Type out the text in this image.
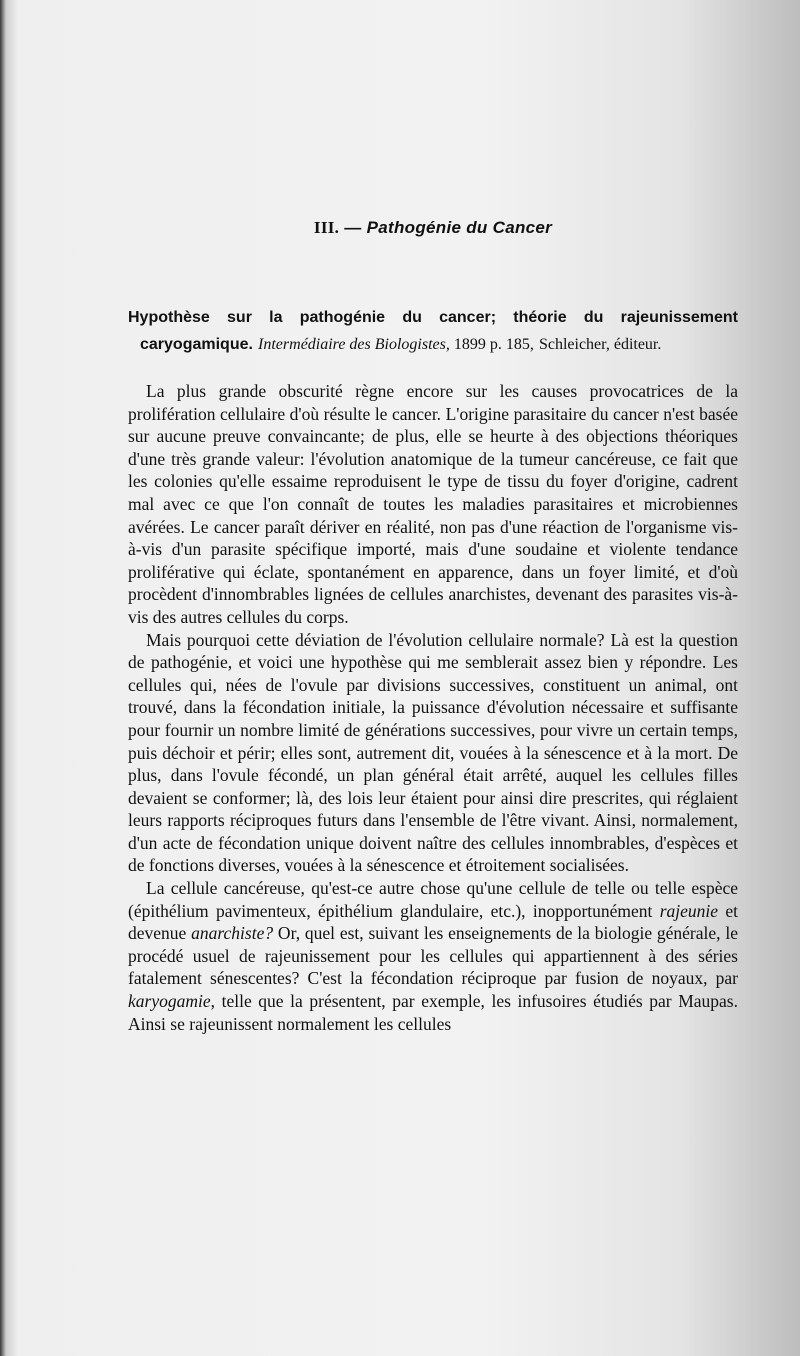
III. — Pathogénie du Cancer
Hypothèse sur la pathogénie du cancer; théorie du rajeunissement caryogamique. Intermédiaire des Biologistes, 1899 p. 185, Schleicher, éditeur.

La plus grande obscurité règne encore sur les causes provocatrices de la prolifération cellulaire d'où résulte le cancer. L'origine parasitaire du cancer n'est basée sur aucune preuve convaincante; de plus, elle se heurte à des objections théoriques d'une très grande valeur: l'évolution anatomique de la tumeur cancéreuse, ce fait que les colonies qu'elle essaime reproduisent le type de tissu du foyer d'origine, cadrent mal avec ce que l'on connaît de toutes les maladies parasitaires et microbiennes avérées. Le cancer paraît dériver en réalité, non pas d'une réaction de l'organisme vis-à-vis d'un parasite spécifique importé, mais d'une soudaine et violente tendance proliférative qui éclate, spontanément en apparence, dans un foyer limité, et d'où procèdent d'innombrables lignées de cellules anarchistes, devenant des parasites vis-à-vis des autres cellules du corps.

Mais pourquoi cette déviation de l'évolution cellulaire normale? Là est la question de pathogénie, et voici une hypothèse qui me semblerait assez bien y répondre. Les cellules qui, nées de l'ovule par divisions successives, constituent un animal, ont trouvé, dans la fécondation initiale, la puissance d'évolution nécessaire et suffisante pour fournir un nombre limité de générations successives, pour vivre un certain temps, puis déchoir et périr; elles sont, autrement dit, vouées à la sénescence et à la mort. De plus, dans l'ovule fécondé, un plan général était arrêté, auquel les cellules filles devaient se conformer; là, des lois leur étaient pour ainsi dire prescrites, qui réglaient leurs rapports réciproques futurs dans l'ensemble de l'être vivant. Ainsi, normalement, d'un acte de fécondation unique doivent naître des cellules innombrables, d'espèces et de fonctions diverses, vouées à la sénescence et étroitement socialisées.

La cellule cancéreuse, qu'est-ce autre chose qu'une cellule de telle ou telle espèce (épithélium pavimenteux, épithélium glandulaire, etc.), inopportunément rajeunie et devenue anarchiste? Or, quel est, suivant les enseignements de la biologie générale, le procédé usuel de rajeunissement pour les cellules qui appartiennent à des séries fatalement sénescentes? C'est la fécondation réciproque par fusion de noyaux, par karyogamie, telle que la présentent, par exemple, les infusoires étudiés par Maupas. Ainsi se rajeunissent normalement les cellules
